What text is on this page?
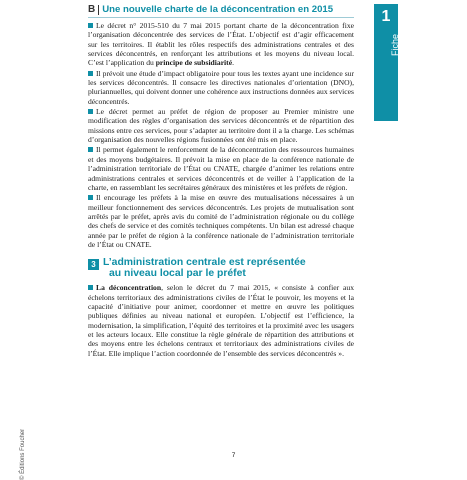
© Éditions Foucher
B Une nouvelle charte de la déconcentration en 2015

Le décret n° 2015-510 du 7 mai 2015 portant charte de la déconcentration fixe l’organisation déconcentrée des services de l’État. L’objectif est d’agir efficacement sur les territoires. Il établit les rôles respectifs des administrations centrales et des services déconcentrés, en renforçant les attributions et les moyens du niveau local. C’est l’application du principe de subsidiarité.

Il prévoit une étude d’impact obligatoire pour tous les textes ayant une incidence sur les services déconcentrés. Il consacre les directives nationales d’orientation (DNO), pluriannuelles, qui doivent donner une cohérence aux instructions données aux services déconcentrés.

Le décret permet au préfet de région de proposer au Premier ministre une modification des règles d’organisation des services déconcentrés et de répartition des missions entre ces services, pour s’adapter au territoire dont il a la charge. Les schémas d’organisation des nouvelles régions fusionnées ont été mis en place.

Il permet également le renforcement de la déconcentration des ressources humaines et des moyens budgétaires. Il prévoit la mise en place de la conférence nationale de l’administration territoriale de l’État ou CNATE, chargée d’animer les relations entre administrations centrales et services déconcentrés et de veiller à l’application de la charte, en rassemblant les secrétaires généraux des ministères et les préfets de région.

Il encourage les préfets à la mise en œuvre des mutualisations nécessaires à un meilleur fonctionnement des services déconcentrés. Les projets de mutualisation sont arrêtés par le préfet, après avis du comité de l’administration régionale ou du collège des chefs de service et des comités techniques compétents. Un bilan est adressé chaque année par le préfet de région à la conférence nationale de l’administration territoriale de l’État ou CNATE.

3 L’administration centrale est représentée
au niveau local par le préfet

La déconcentration, selon le décret du 7 mai 2015, « consiste à confier aux échelons territoriaux des administrations civiles de l’État le pouvoir, les moyens et la capacité d’initiative pour animer, coordonner et mettre en œuvre les politiques publiques définies au niveau national et européen. L’objectif est l’efficience, la modernisation, la simplification, l’équité des territoires et la proximité avec les usagers et les acteurs locaux. Elle constitue la règle générale de répartition des attributions et des moyens entre les échelons centraux et territoriaux des administrations civiles de l’État. Elle implique l’action coordonnée de l’ensemble des services déconcentrés ».

1
Fiche
7
